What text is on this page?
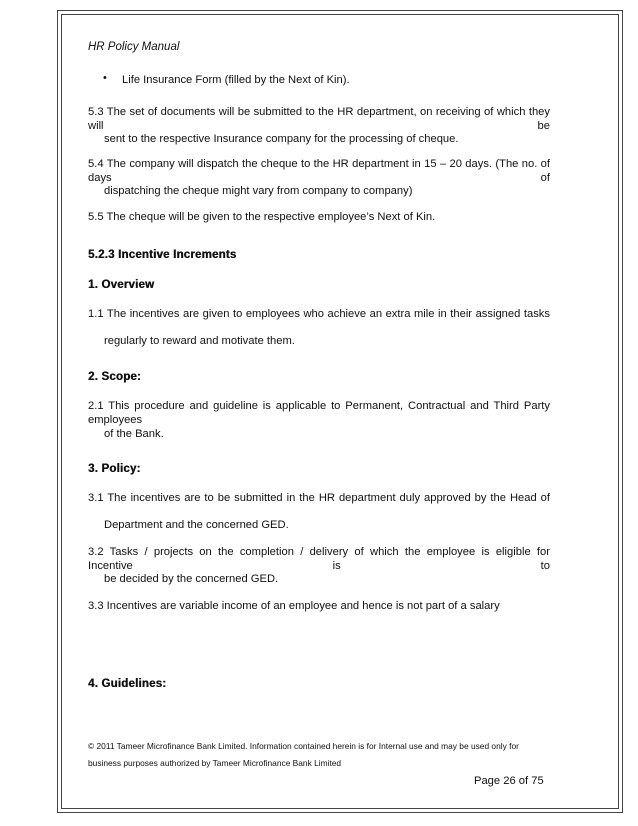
HR Policy Manual
• Life Insurance Form (filled by the Next of Kin).
5.3 The set of documents will be submitted to the HR department, on receiving of which they will be
sent to the respective Insurance company for the processing of cheque.
5.4 The company will dispatch the cheque to the HR department in 15 – 20 days. (The no. of days of
dispatching the cheque might vary from company to company)
5.5 The cheque will be given to the respective employee’s Next of Kin.
5.2.3 Incentive Increments
1. Overview
1.1 The incentives are given to employees who achieve an extra mile in their assigned tasks
regularly to reward and motivate them.
2. Scope:
2.1 This procedure and guideline is applicable to Permanent, Contractual and Third Party employees
of the Bank.
3. Policy:
3.1 The incentives are to be submitted in the HR department duly approved by the Head of
Department and the concerned GED.
3.2 Tasks / projects on the completion / delivery of which the employee is eligible for Incentive is to
be decided by the concerned GED.
3.3 Incentives are variable income of an employee and hence is not part of a salary
4. Guidelines:
© 2011 Tameer Microfinance Bank Limited. Information contained herein is for Internal use and may be used only for
business purposes authorized by Tameer Microfinance Bank Limited
Page 26 of 75
